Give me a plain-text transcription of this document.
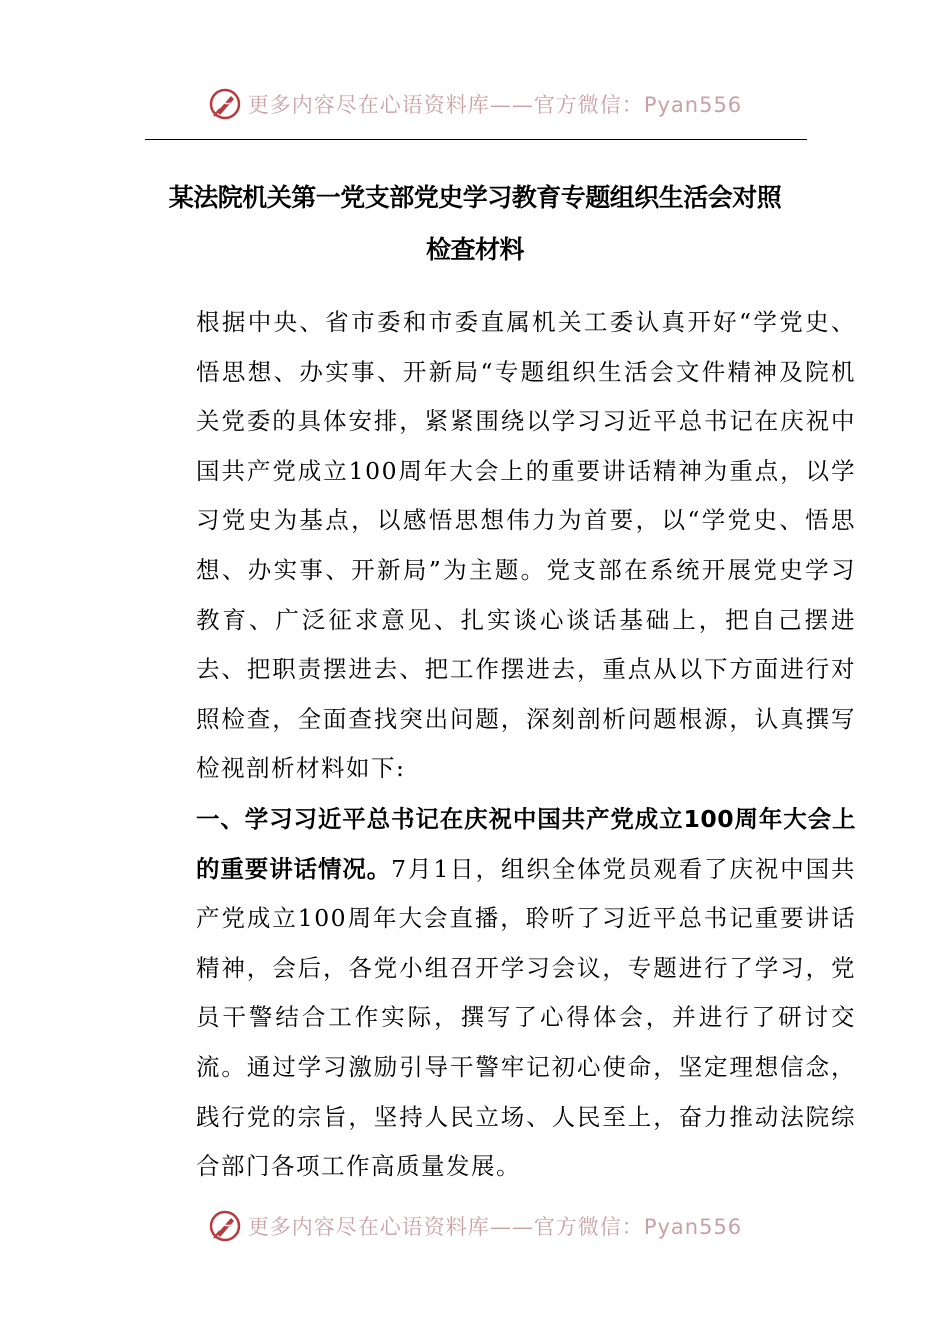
更多内容尽在心语资料库——官方微信：Pyan556
某法院机关第一党支部党史学习教育专题组织生活会对照
检查材料
根据中央、省市委和市委直属机关工委认真开好“学党史、悟思想、办实事、开新局“专题组织生活会文件精神及院机关党委的具体安排，紧紧围绕以学习习近平总书记在庆祝中国共产党成立100周年大会上的重要讲话精神为重点，以学习党史为基点，以感悟思想伟力为首要，以“学党史、悟思想、办实事、开新局”为主题。党支部在系统开展党史学习教育、广泛征求意见、扎实谈心谈话基础上，把自己摆进去、把职责摆进去、把工作摆进去，重点从以下方面进行对照检查，全面查找突出问题，深刻剖析问题根源，认真撰写检视剖析材料如下:
一、学习习近平总书记在庆祝中国共产党成立100周年大会上的重要讲话情况。7月1日，组织全体党员观看了庆祝中国共产党成立100周年大会直播，聆听了习近平总书记重要讲话精神，会后，各党小组召开学习会议，专题进行了学习，党员干警结合工作实际，撰写了心得体会，并进行了研讨交流。通过学习激励引导干警牢记初心使命，坚定理想信念，践行党的宗旨，坚持人民立场、人民至上，奋力推动法院综合部门各项工作高质量发展。
更多内容尽在心语资料库——官方微信：Pyan556
